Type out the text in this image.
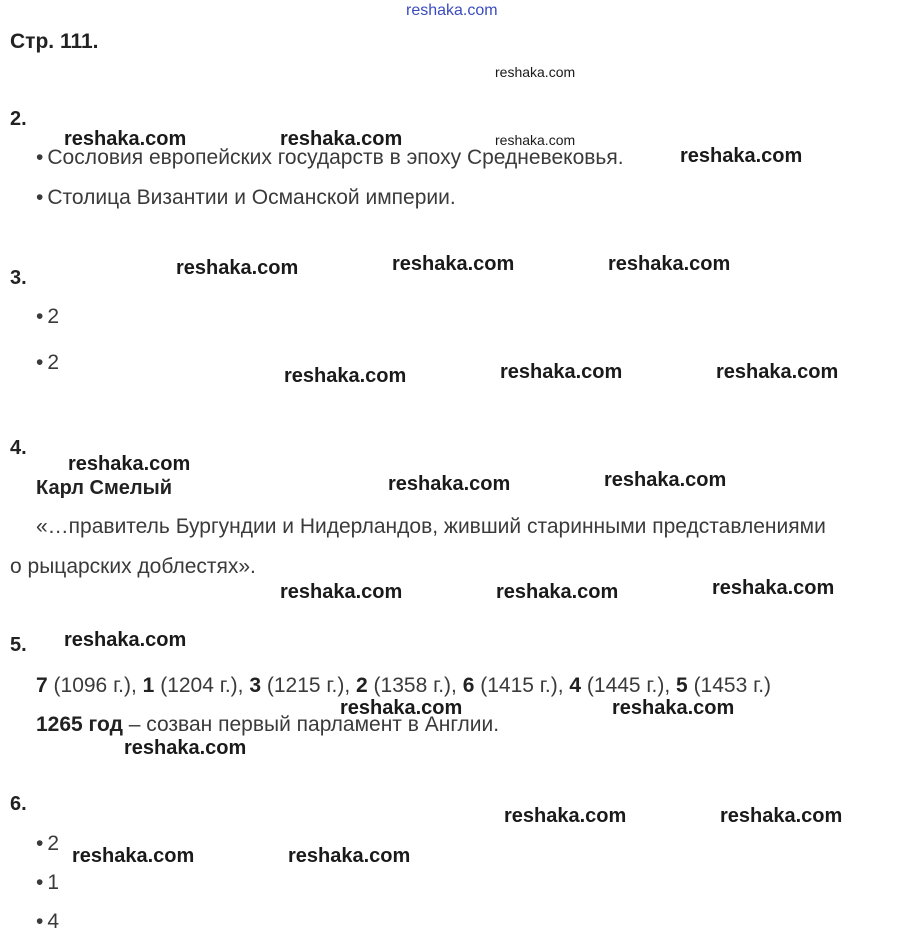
reshaka.com
Стр. 111.
2.
• Сословия европейских государств в эпоху Средневековья.
• Столица Византии и Османской империи.
3.
• 2
• 2
4.
Карл Смелый
«…правитель Бургундии и Нидерландов, живший старинными представлениями
о рыцарских доблестях».
5.
7 (1096 г.), 1 (1204 г.), 3 (1215 г.), 2 (1358 г.), 6 (1415 г.), 4 (1445 г.), 5 (1453 г.)
1265 год – созван первый парламент в Англии.
6.
• 2
• 1
• 4
reshaka.com
reshaka.com
reshaka.com	reshaka.com
reshaka.com
reshaka.com	reshaka.com	reshaka.com
reshaka.com	reshaka.com	reshaka.com
reshaka.com
reshaka.com	reshaka.com
reshaka.com	reshaka.com	reshaka.com
reshaka.com
reshaka.com	reshaka.com
reshaka.com
reshaka.com	reshaka.com
reshaka.com	reshaka.com
